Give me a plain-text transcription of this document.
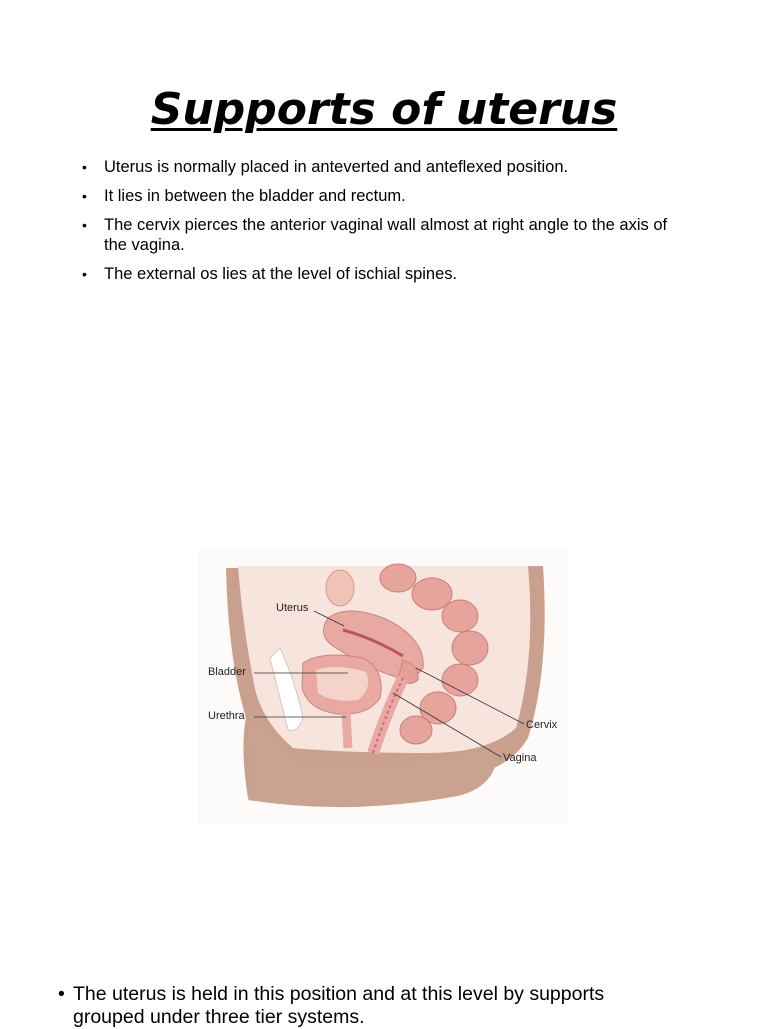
Supports of uterus
• Uterus is normally placed in anteverted and anteflexed position.
• It lies in between the bladder and rectum.
• The cervix pierces the anterior vaginal wall almost at right angle to the axis of the vagina.
• The external os lies at the level of ischial spines.
Uterus
Bladder
Urethra
Cervix
Vagina
• The uterus is held in this position and at this level by supports grouped under three tier systems.
